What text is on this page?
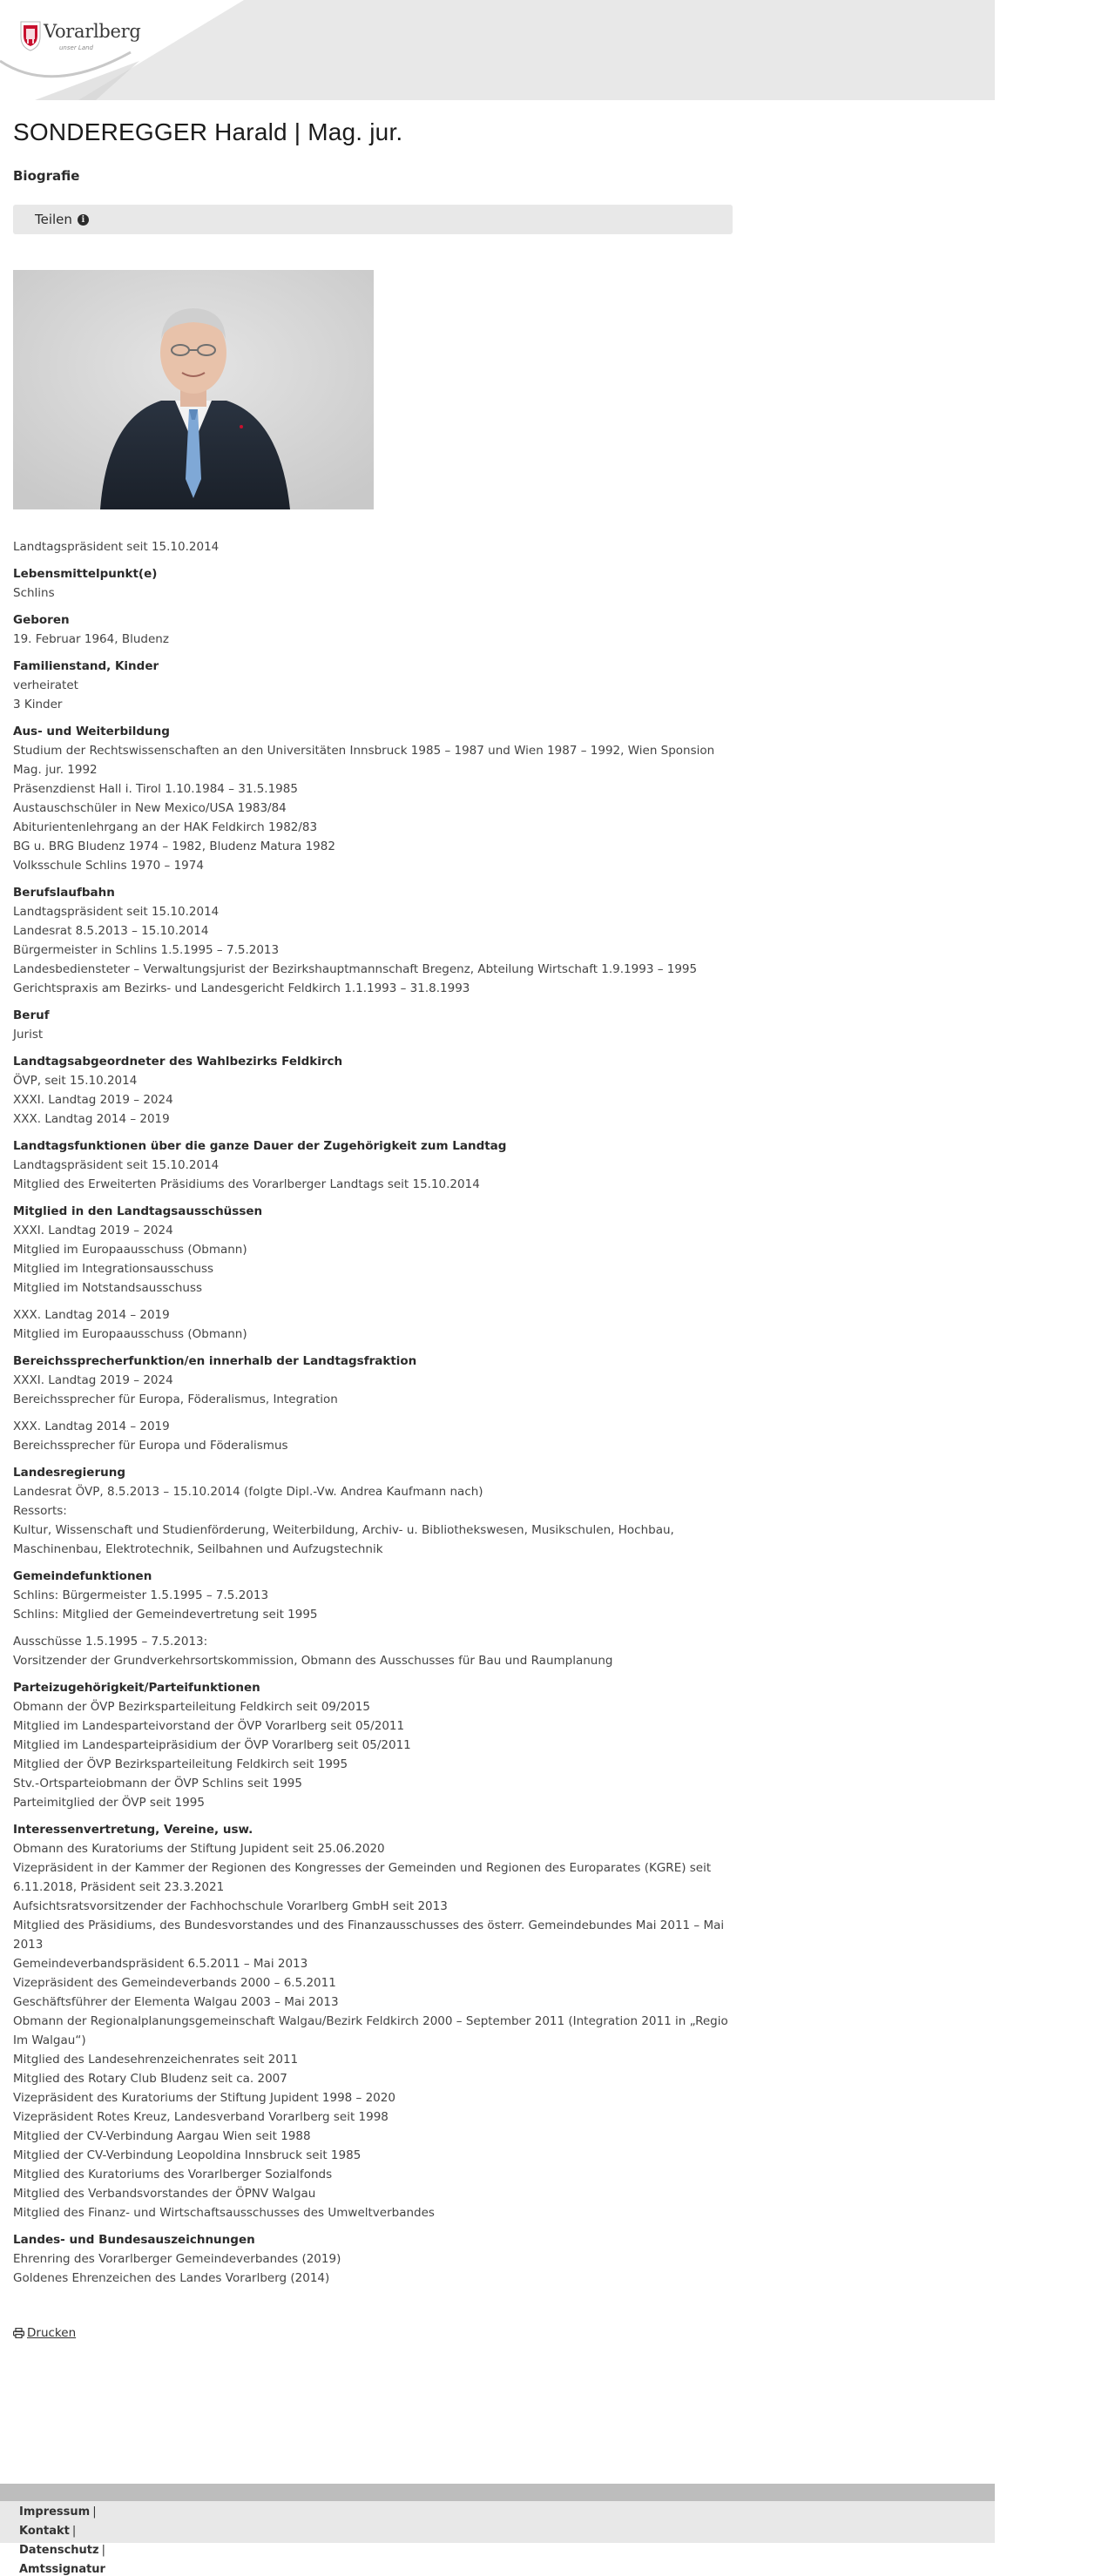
Vorarlberg
unser Land
SONDEREGGER Harald | Mag. jur.
Biografie
Teilen	i
Landtagspräsident seit 15.10.2014
Lebensmittelpunkt(e)
Schlins
Geboren
19. Februar 1964, Bludenz
Familienstand, Kinder
verheiratet
3 Kinder
Aus- und Weiterbildung
Studium der Rechtswissenschaften an den Universitäten Innsbruck 1985 – 1987 und Wien 1987 – 1992, Wien Sponsion Mag. jur. 1992
Präsenzdienst Hall i. Tirol 1.10.1984 – 31.5.1985
Austauschschüler in New Mexico/USA 1983/84
Abiturientenlehrgang an der HAK Feldkirch 1982/83
BG u. BRG Bludenz 1974 – 1982, Bludenz Matura 1982
Volksschule Schlins 1970 – 1974
Berufslaufbahn
Landtagspräsident seit 15.10.2014
Landesrat 8.5.2013 – 15.10.2014
Bürgermeister in Schlins 1.5.1995 – 7.5.2013
Landesbediensteter – Verwaltungsjurist der Bezirkshauptmannschaft Bregenz, Abteilung Wirtschaft 1.9.1993 – 1995
Gerichtspraxis am Bezirks- und Landesgericht Feldkirch 1.1.1993 – 31.8.1993
Beruf
Jurist
Landtagsabgeordneter des Wahlbezirks Feldkirch
ÖVP, seit 15.10.2014
XXXI. Landtag 2019 – 2024
XXX. Landtag 2014 – 2019
Landtagsfunktionen über die ganze Dauer der Zugehörigkeit zum Landtag
Landtagspräsident seit 15.10.2014
Mitglied des Erweiterten Präsidiums des Vorarlberger Landtags seit 15.10.2014
Mitglied in den Landtagsausschüssen
XXXI. Landtag 2019 – 2024
Mitglied im Europaausschuss (Obmann)
Mitglied im Integrationsausschuss
Mitglied im Notstandsausschuss
XXX. Landtag 2014 – 2019
Mitglied im Europaausschuss (Obmann)
Bereichssprecherfunktion/en innerhalb der Landtagsfraktion
XXXI. Landtag 2019 – 2024
Bereichssprecher für Europa, Föderalismus, Integration
XXX. Landtag 2014 – 2019
Bereichssprecher für Europa und Föderalismus
Landesregierung
Landesrat ÖVP, 8.5.2013 – 15.10.2014 (folgte Dipl.-Vw. Andrea Kaufmann nach)
Ressorts:
Kultur, Wissenschaft und Studienförderung, Weiterbildung, Archiv- u. Bibliothekswesen, Musikschulen, Hochbau, Maschinenbau, Elektrotechnik, Seilbahnen und Aufzugstechnik
Gemeindefunktionen
Schlins: Bürgermeister 1.5.1995 – 7.5.2013
Schlins: Mitglied der Gemeindevertretung seit 1995
Ausschüsse 1.5.1995 – 7.5.2013:
Vorsitzender der Grundverkehrsortskommission, Obmann des Ausschusses für Bau und Raumplanung
Parteizugehörigkeit/Parteifunktionen
Obmann der ÖVP Bezirksparteileitung Feldkirch seit 09/2015
Mitglied im Landesparteivorstand der ÖVP Vorarlberg seit 05/2011
Mitglied im Landesparteipräsidium der ÖVP Vorarlberg seit 05/2011
Mitglied der ÖVP Bezirksparteileitung Feldkirch seit 1995
Stv.-Ortsparteiobmann der ÖVP Schlins seit 1995
Parteimitglied der ÖVP seit 1995
Interessenvertretung, Vereine, usw.
Obmann des Kuratoriums der Stiftung Jupident seit 25.06.2020
Vizepräsident in der Kammer der Regionen des Kongresses der Gemeinden und Regionen des Europarates (KGRE) seit 6.11.2018, Präsident seit 23.3.2021
Aufsichtsratsvorsitzender der Fachhochschule Vorarlberg GmbH seit 2013
Mitglied des Präsidiums, des Bundesvorstandes und des Finanzausschusses des österr. Gemeindebundes Mai 2011 – Mai 2013
Gemeindeverbandspräsident 6.5.2011 – Mai 2013
Vizepräsident des Gemeindeverbands 2000 – 6.5.2011
Geschäftsführer der Elementa Walgau 2003 – Mai 2013
Obmann der Regionalplanungsgemeinschaft Walgau/Bezirk Feldkirch 2000 – September 2011 (Integration 2011 in „Regio Im Walgau“)
Mitglied des Landesehrenzeichenrates seit 2011
Mitglied des Rotary Club Bludenz seit ca. 2007
Vizepräsident des Kuratoriums der Stiftung Jupident 1998 – 2020
Vizepräsident Rotes Kreuz, Landesverband Vorarlberg seit 1998
Mitglied der CV-Verbindung Aargau Wien seit 1988
Mitglied der CV-Verbindung Leopoldina Innsbruck seit 1985
Mitglied des Kuratoriums des Vorarlberger Sozialfonds
Mitglied des Verbandsvorstandes der ÖPNV Walgau
Mitglied des Finanz- und Wirtschaftsausschusses des Umweltverbandes
Landes- und Bundesauszeichnungen
Ehrenring des Vorarlberger Gemeindeverbandes (2019)
Goldenes Ehrenzeichen des Landes Vorarlberg (2014)
Drucken
Impressum |
Kontakt |
Datenschutz |
Amtssignatur
